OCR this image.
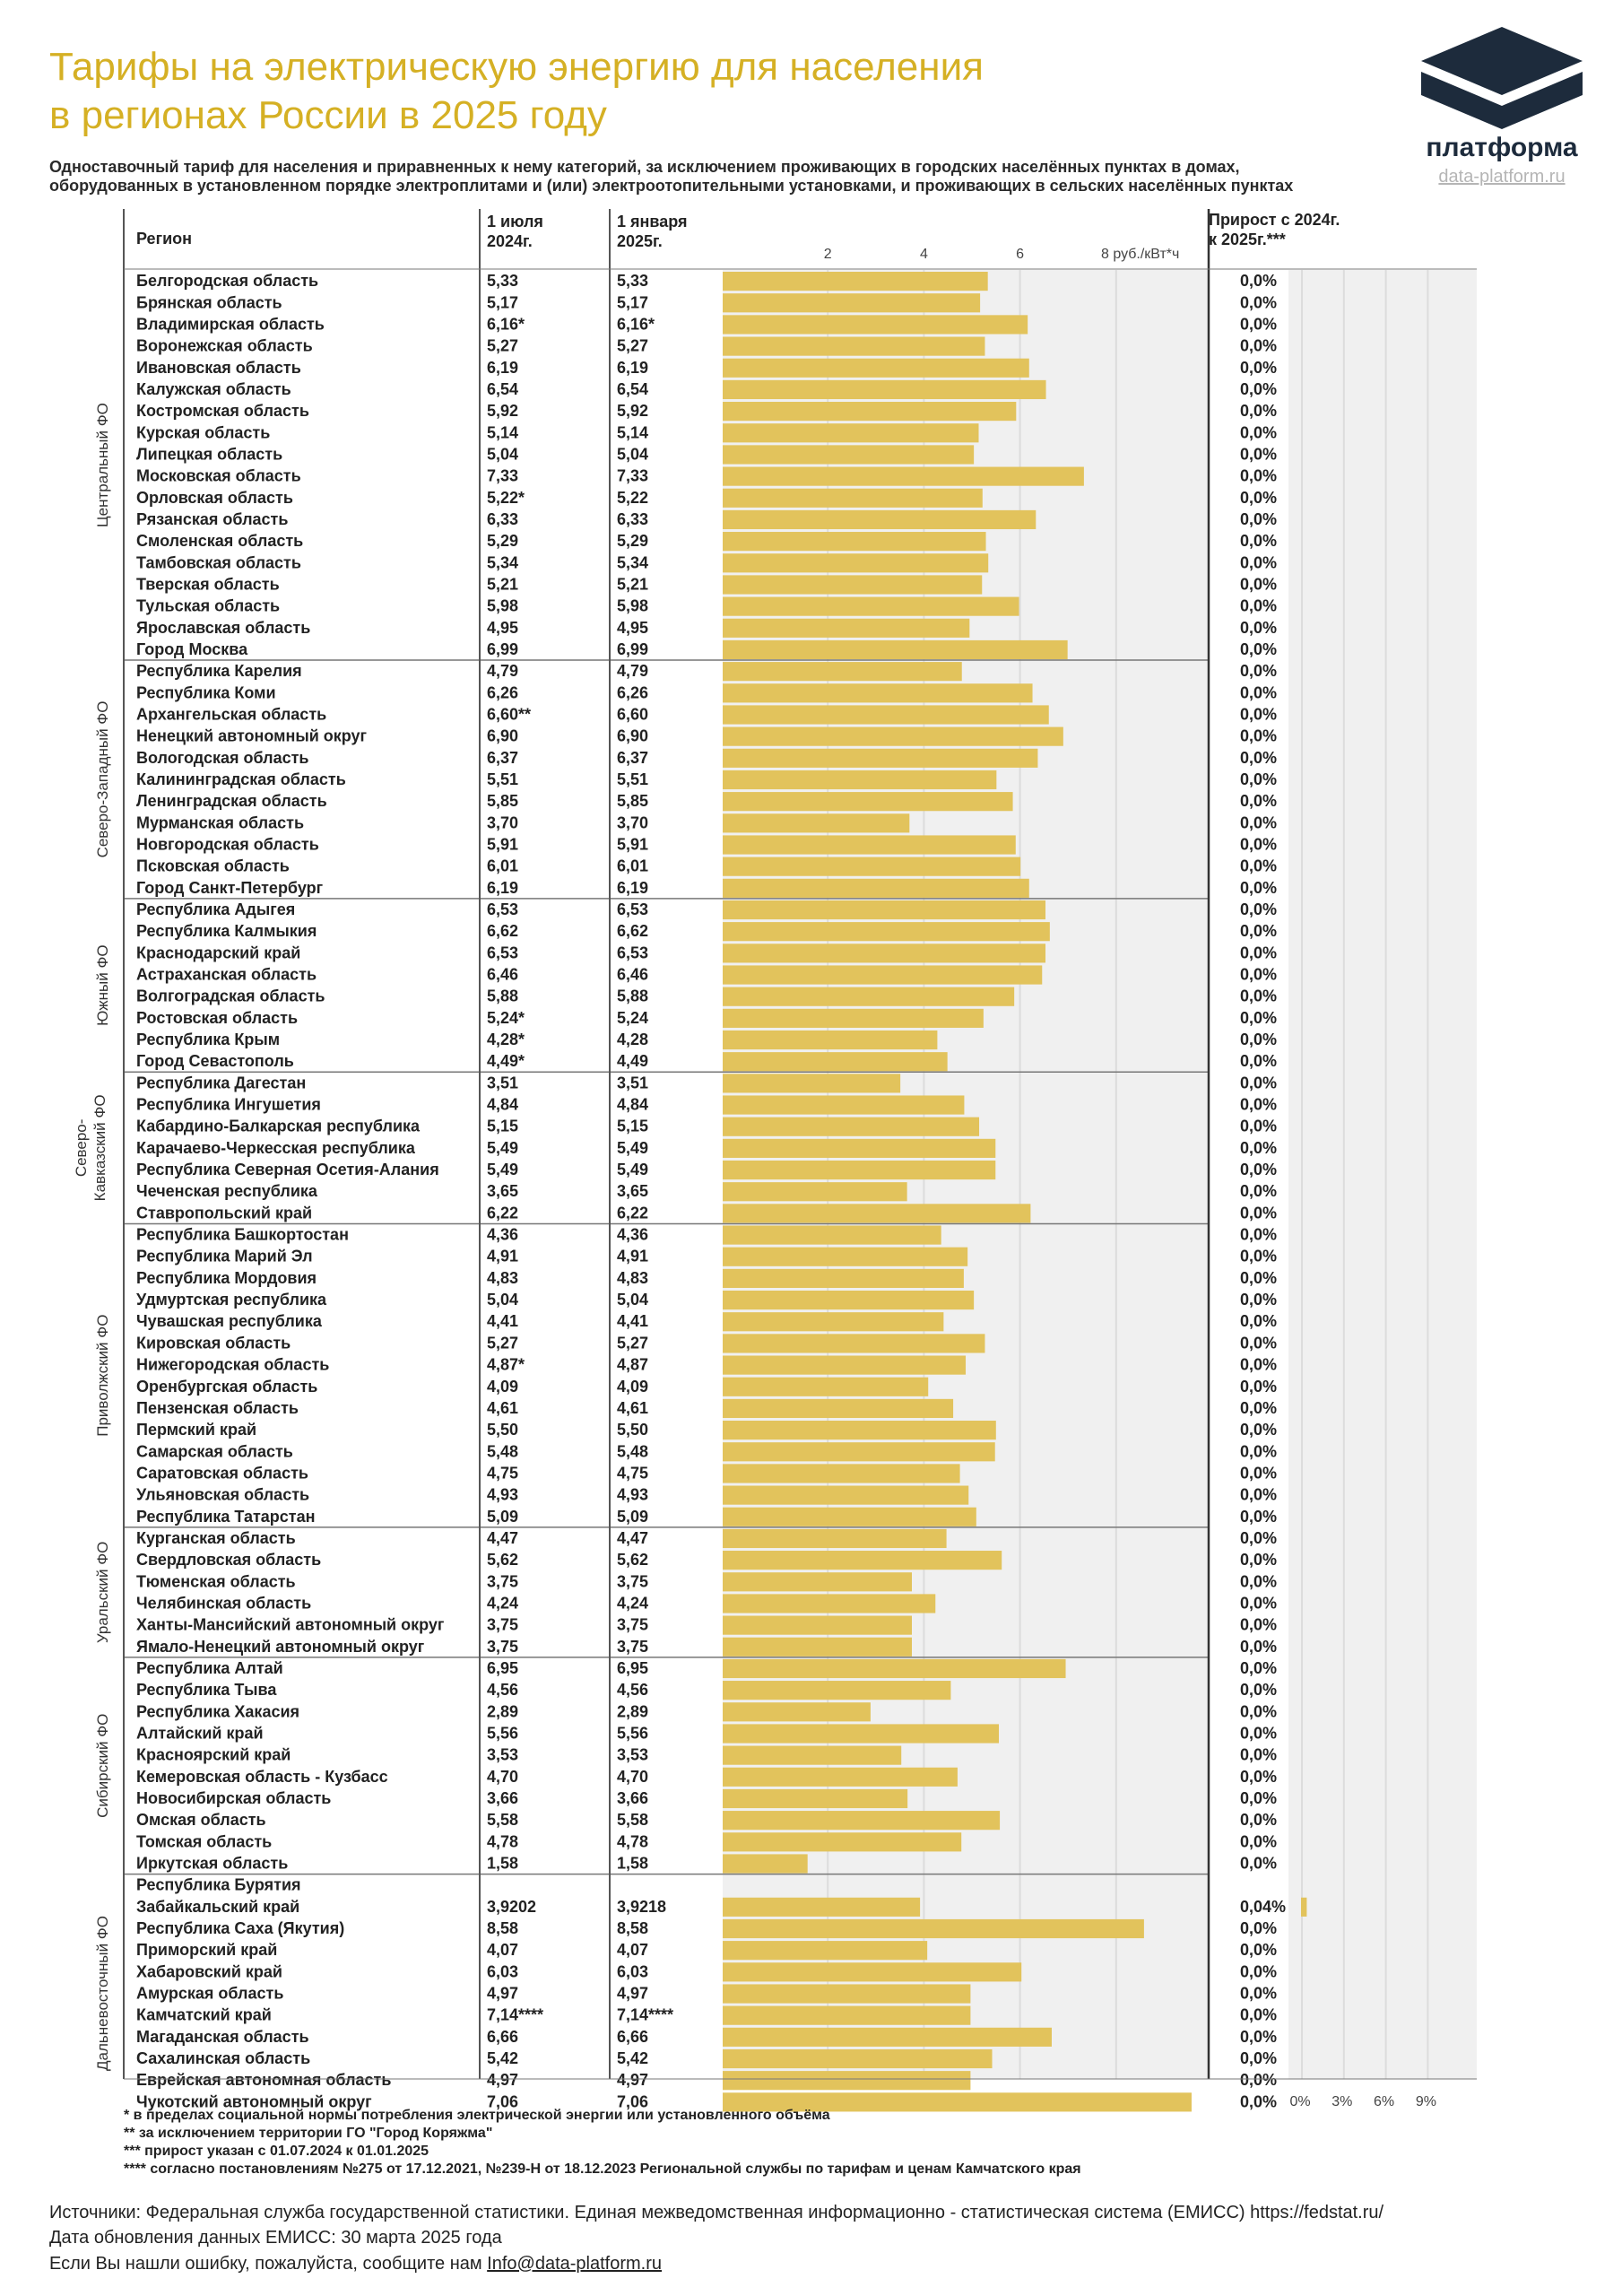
Тарифы на электрическую энергию для населения
в регионах России в 2025 году
платформа
data-platform.ru
Одноставочный тариф для населения и приравненных к нему категорий, за исключением проживающих в городских населённых пунктах в домах,
оборудованных в установленном порядке электроплитами и (или) электроотопительными установками, и проживающих в сельских населённых пунктах
Регион
1 июля
2024г.
1 января
2025г.
Прирост с 2024г.
к 2025г.***
2	4	6	8 руб./кВт*ч
0% 3% 6% 9%
Белгородская область	5,33	5,33	0,0%
Брянская область	5,17	5,17	0,0%
Владимирская область	6,16*	6,16*	0,0%
Воронежская область	5,27	5,27	0,0%
Ивановская область	6,19	6,19	0,0%
Калужская область	6,54	6,54	0,0%
Костромская область	5,92	5,92	0,0%
Курская область	5,14	5,14	0,0%
Липецкая область	5,04	5,04	0,0%
Московская область	7,33	7,33	0,0%
Орловская область	5,22*	5,22	0,0%
Рязанская область	6,33	6,33	0,0%
Смоленская область	5,29	5,29	0,0%
Тамбовская область	5,34	5,34	0,0%
Тверская область	5,21	5,21	0,0%
Тульская область	5,98	5,98	0,0%
Ярославская область	4,95	4,95	0,0%
Город Москва	6,99	6,99	0,0%
Центральный ФО
Республика Карелия	4,79	4,79	0,0%
Республика Коми	6,26	6,26	0,0%
Архангельская область	6,60**	6,60	0,0%
Ненецкий автономный округ	6,90	6,90	0,0%
Вологодская область	6,37	6,37	0,0%
Калининградская область	5,51	5,51	0,0%
Ленинградская область	5,85	5,85	0,0%
Мурманская область	3,70	3,70	0,0%
Новгородская область	5,91	5,91	0,0%
Псковская область	6,01	6,01	0,0%
Город Санкт-Петербург	6,19	6,19	0,0%
Северо-Западный ФО
Республика Адыгея	6,53	6,53	0,0%
Республика Калмыкия	6,62	6,62	0,0%
Краснодарский край	6,53	6,53	0,0%
Астраханская область	6,46	6,46	0,0%
Волгоградская область	5,88	5,88	0,0%
Ростовская область	5,24*	5,24	0,0%
Республика Крым	4,28*	4,28	0,0%
Город Севастополь	4,49*	4,49	0,0%
Южный ФО
Республика Дагестан	3,51	3,51	0,0%
Республика Ингушетия	4,84	4,84	0,0%
Кабардино-Балкарская республика	5,15	5,15	0,0%
Карачаево-Черкесская республика	5,49	5,49	0,0%
Республика Северная Осетия-Алания	5,49	5,49	0,0%
Чеченская республика	3,65	3,65	0,0%
Ставропольский край	6,22	6,22	0,0%
Северо- Кавказский ФО
Республика Башкортостан	4,36	4,36	0,0%
Республика Марий Эл	4,91	4,91	0,0%
Республика Мордовия	4,83	4,83	0,0%
Удмуртская республика	5,04	5,04	0,0%
Чувашская республика	4,41	4,41	0,0%
Кировская область	5,27	5,27	0,0%
Нижегородская область	4,87*	4,87	0,0%
Оренбургская область	4,09	4,09	0,0%
Пензенская область	4,61	4,61	0,0%
Пермский край	5,50	5,50	0,0%
Самарская область	5,48	5,48	0,0%
Саратовская область	4,75	4,75	0,0%
Ульяновская область	4,93	4,93	0,0%
Республика Татарстан	5,09	5,09	0,0%
Приволжский ФО
Курганская область	4,47	4,47	0,0%
Свердловская область	5,62	5,62	0,0%
Тюменская область	3,75	3,75	0,0%
Челябинская область	4,24	4,24	0,0%
Ханты-Мансийский автономный округ	3,75	3,75	0,0%
Ямало-Ненецкий автономный округ	3,75	3,75	0,0%
Уральский ФО
Республика Алтай	6,95	6,95	0,0%
Республика Тыва	4,56	4,56	0,0%
Республика Хакасия	2,89	2,89	0,0%
Алтайский край	5,56	5,56	0,0%
Красноярский край	3,53	3,53	0,0%
Кемеровская область - Кузбасс	4,70	4,70	0,0%
Новосибирская область	3,66	3,66	0,0%
Омская область	5,58	5,58	0,0%
Томская область	4,78	4,78	0,0%
Иркутская область	1,58	1,58	0,0%
Сибирский ФО
Республика Бурятия
Забайкальский край	3,9202	3,9218	0,04%
Республика Саха (Якутия)	8,58	8,58	0,0%
Приморский край	4,07	4,07	0,0%
Хабаровский край	6,03	6,03	0,0%
Амурская область	4,97	4,97	0,0%
Камчатский край	7,14****	7,14****	0,0%
Магаданская область	6,66	6,66	0,0%
Сахалинская область	5,42	5,42	0,0%
Еврейская автономная область	4,97	4,97	0,0%
Чукотский автономный округ	7,06	7,06	0,0%
Дальневосточный ФО
* в пределах социальной нормы потребления электрической энергии или установленного объёма
** за исключением территории ГО "Город Коряжма"
*** прирост указан с 01.07.2024 к 01.01.2025
**** согласно постановлениям №275 от 17.12.2021, №239-Н от 18.12.2023 Региональной службы по тарифам и ценам Камчатского края
Источники: Федеральная служба государственной статистики. Единая межведомственная информационно - статистическая система (ЕМИСС) https://fedstat.ru/
Дата обновления данных ЕМИСС: 30 марта 2025 года
Если Вы нашли ошибку, пожалуйста, сообщите нам Info@data-platform.ru
